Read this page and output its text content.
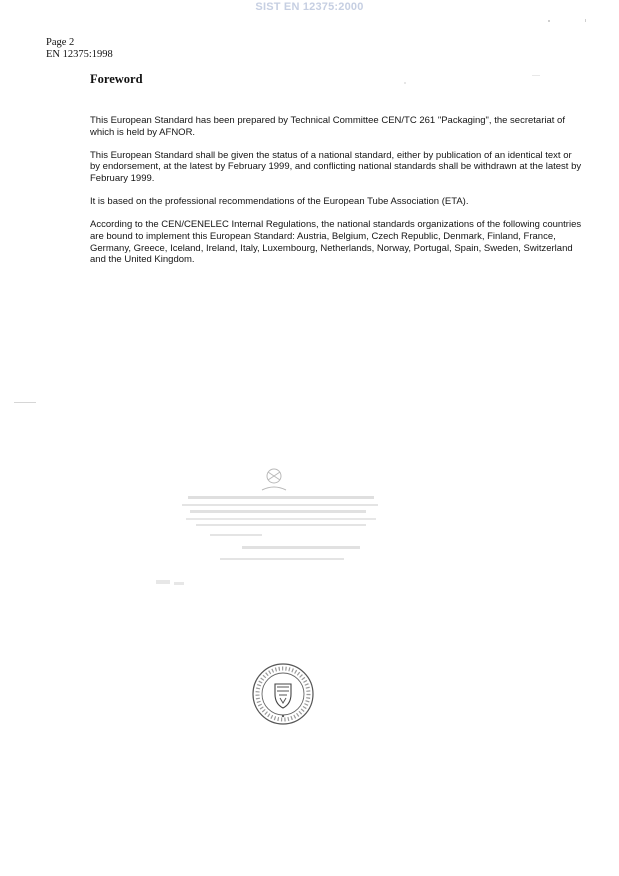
SIST EN 12375:2000
Page 2
EN 12375:1998
Foreword

This European Standard has been prepared by Technical Committee CEN/TC 261 "Packaging", the secretariat of which is held by AFNOR.

This European Standard shall be given the status of a national standard, either by publication of an identical text or by endorsement, at the latest by February 1999, and conflicting national standards shall be withdrawn at the latest by February 1999.

It is based on the professional recommendations of the European Tube Association (ETA).

According to the CEN/CENELEC Internal Regulations, the national standards organizations of the following countries are bound to implement this European Standard: Austria, Belgium, Czech Republic, Denmark, Finland, France, Germany, Greece, Iceland, Ireland, Italy, Luxembourg, Netherlands, Norway, Portugal, Spain, Sweden, Switzerland and the United Kingdom.
